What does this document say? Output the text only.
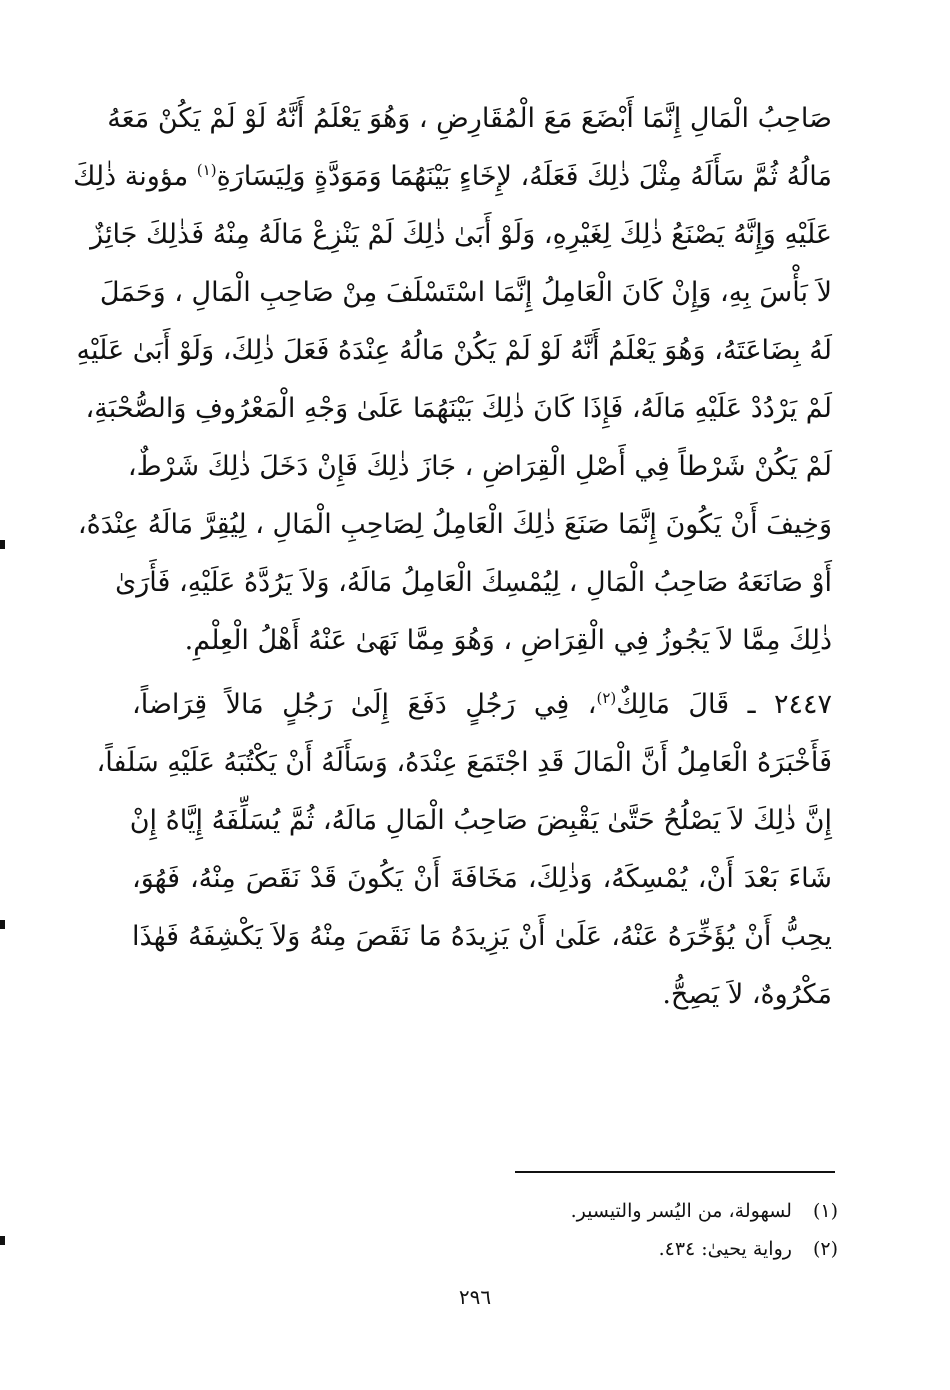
صَاحِبُ الْمَالِ إِنَّمَا أَبْضَعَ مَعَ الْمُقَارِضِ ، وَهُوَ يَعْلَمُ أَنَّهُ لَوْ لَمْ يَكُنْ مَعَهُ
مَالُهُ ثُمَّ سَأَلَهُ مِثْلَ ذٰلِكَ فَعَلَهُ، لإِخَاءٍ بَيْنَهُمَا وَمَوَدَّةٍ وَلِيَسَارَةِ$^{(١)}$ مؤونة ذٰلِكَ
عَلَيْهِ وَإِنَّهُ يَصْنَعُ ذٰلِكَ لِغَيْرِهِ، وَلَوْ أَبَىٰ ذٰلِكَ لَمْ يَنْزِعْ مَالَهُ مِنْهُ فَذٰلِكَ جَائِزٌ
لاَ بَأْسَ بِهِ، وَإِنْ كَانَ الْعَامِلُ إِنَّمَا اسْتَسْلَفَ مِنْ صَاحِبِ الْمَالِ ، وَحَمَلَ
لَهُ بِضَاعَتَهُ، وَهُوَ يَعْلَمُ أَنَّهُ لَوْ لَمْ يَكُنْ مَالُهُ عِنْدَهُ فَعَلَ ذٰلِكَ، وَلَوْ أَبَىٰ عَلَيْهِ
لَمْ يَرْدُدْ عَلَيْهِ مَالَهُ، فَإِذَا كَانَ ذٰلِكَ بَيْنَهُمَا عَلَىٰ وَجْهِ الْمَعْرُوفِ وَالصُّحْبَةِ،
لَمْ يَكُنْ شَرْطاً فِي أَصْلِ الْقِرَاضِ ، جَازَ ذٰلِكَ فَإِنْ دَخَلَ ذٰلِكَ شَرْطٌ،
وَخِيفَ أَنْ يَكُونَ إِنَّمَا صَنَعَ ذٰلِكَ الْعَامِلُ لِصَاحِبِ الْمَالِ ، لِيُقِرَّ مَالَهُ عِنْدَهُ،
أَوْ صَانَعَهُ صَاحِبُ الْمَالِ ، لِيُمْسِكَ الْعَامِلُ مَالَهُ، وَلاَ يَرُدَّهُ عَلَيْهِ، فَأَرَىٰ
ذٰلِكَ مِمَّا لاَ يَجُوزُ فِي الْقِرَاضِ ، وَهُوَ مِمَّا نَهَىٰ عَنْهُ أَهْلُ الْعِلْمِ.
٢٤٤٧ ـ قَالَ مَالِكٌ$^{(٢)}$، فِي رَجُلٍ دَفَعَ إِلَىٰ رَجُلٍ مَالاً قِرَاضاً،
فَأَخْبَرَهُ الْعَامِلُ أَنَّ الْمَالَ قَدِ اجْتَمَعَ عِنْدَهُ، وَسَأَلَهُ أَنْ يَكْتُبَهُ عَلَيْهِ سَلَفاً،
إِنَّ ذٰلِكَ لاَ يَصْلُحُ حَتَّىٰ يَقْبِضَ صَاحِبُ الْمَالِ مَالَهُ، ثُمَّ يُسَلِّفَهُ إِيَّاهُ إِنْ
شَاءَ بَعْدَ أَنْ، يُمْسِكَهُ، وَذٰلِكَ، مَخَافَةَ أَنْ يَكُونَ قَدْ نَقَصَ مِنْهُ، فَهُوَ،
يحِبُّ أَنْ يُؤَخِّرَهُ عَنْهُ، عَلَىٰ أَنْ يَزِيدَهُ مَا نَقَصَ مِنْهُ وَلاَ يَكْشِفَهُ فَهٰذَا
مَكْرُوهٌ، لاَ يَصِحُّ.
(١) لسهولة، من اليُسر والتيسير.
(٢) رواية يحيىٰ: ٤٣٤.
٢٩٦
